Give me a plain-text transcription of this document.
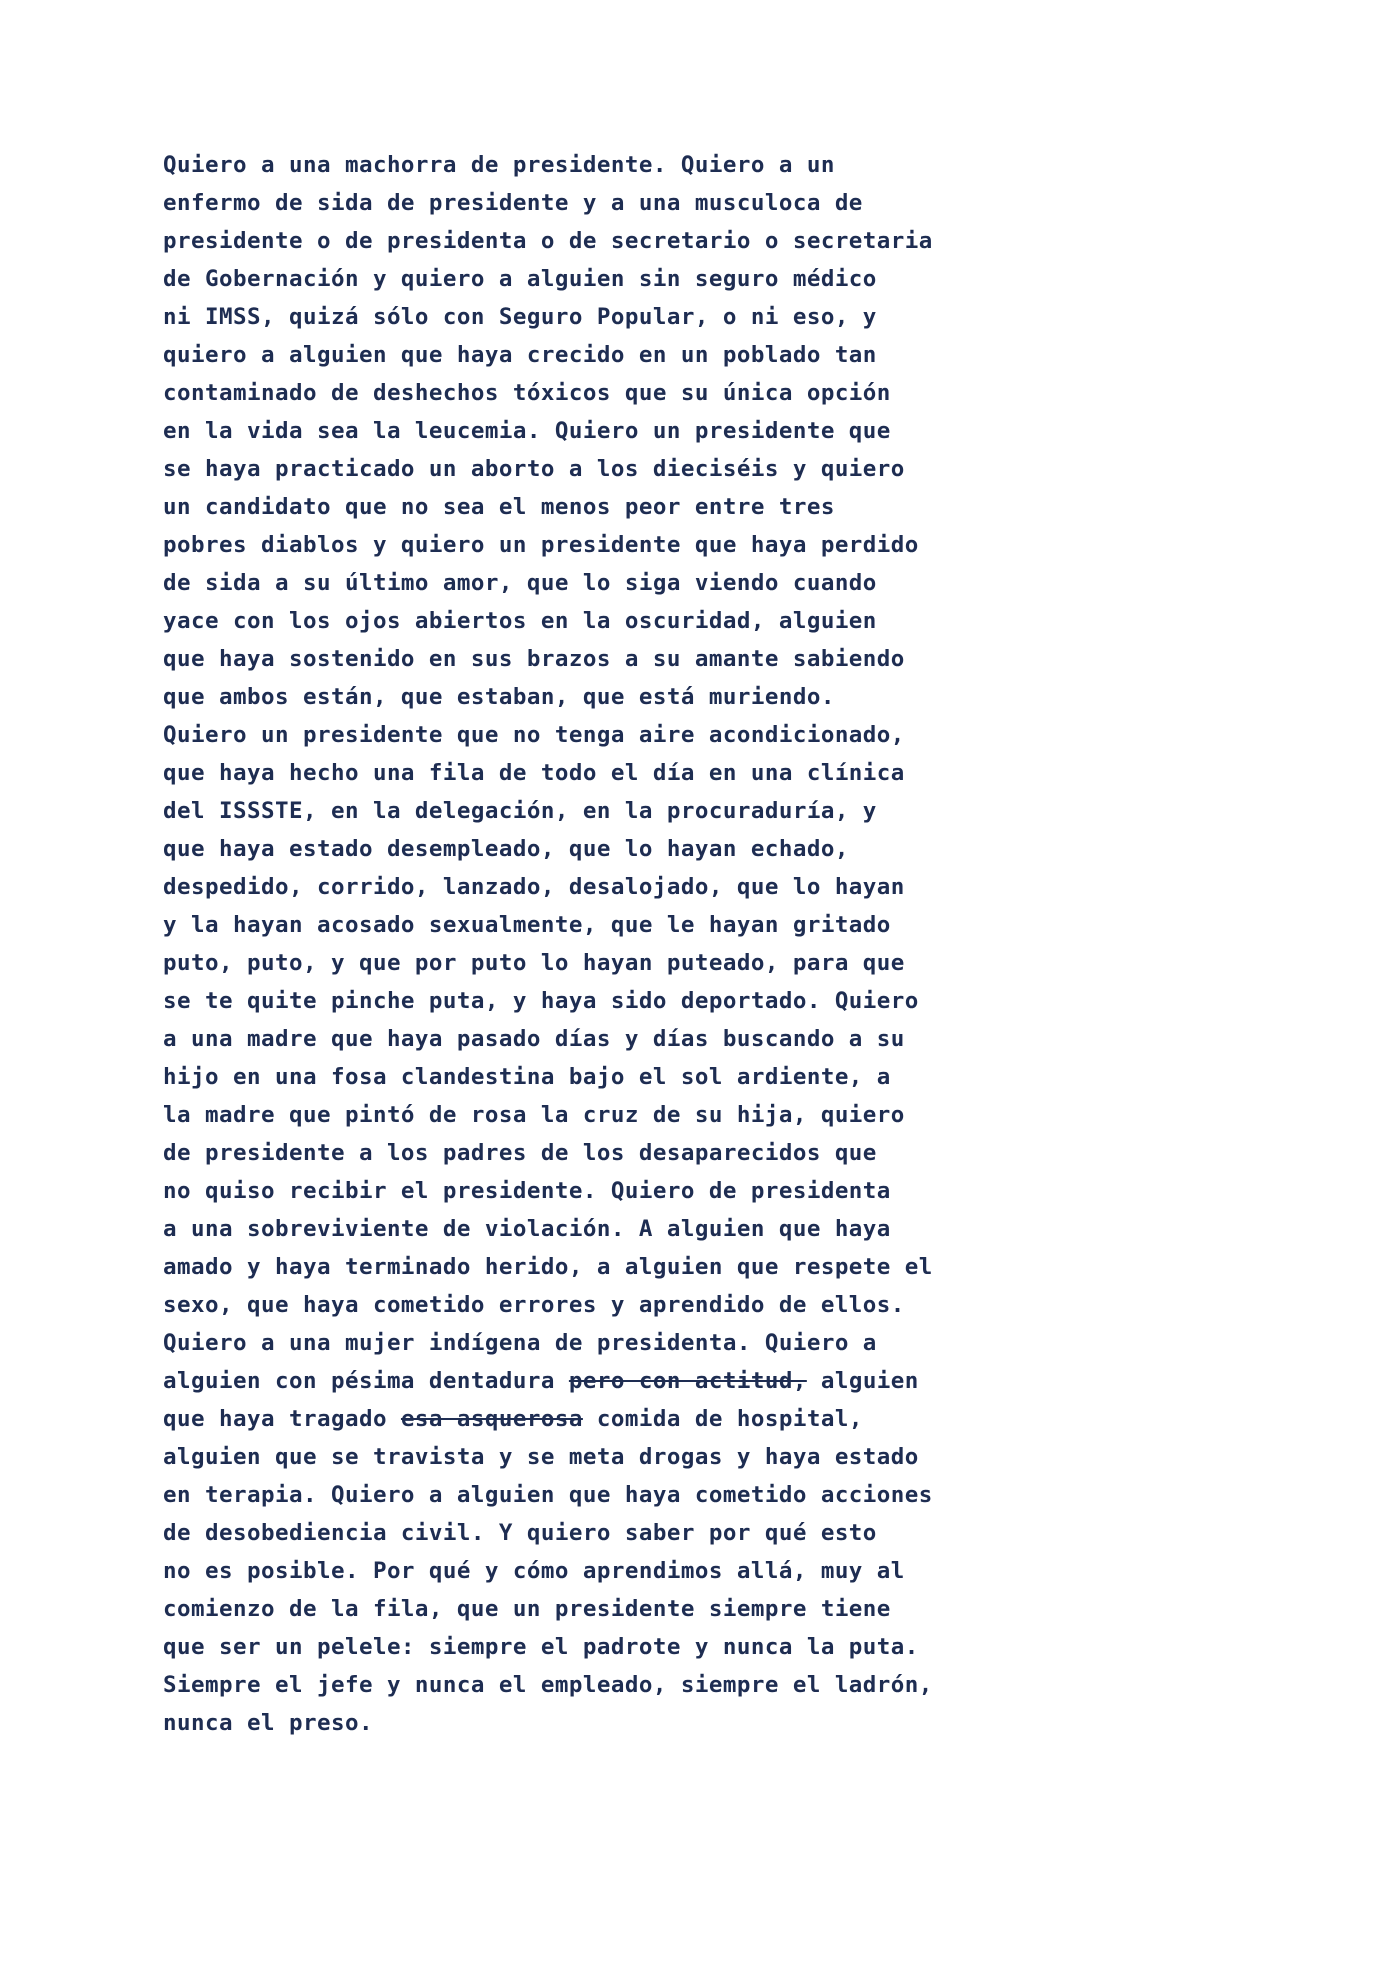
Quiero a una machorra de presidente. Quiero a un
enfermo de sida de presidente y a una musculoca de
presidente o de presidenta o de secretario o secretaria
de Gobernación y quiero a alguien sin seguro médico
ni IMSS, quizá sólo con Seguro Popular, o ni eso, y
quiero a alguien que haya crecido en un poblado tan
contaminado de deshechos tóxicos que su única opción
en la vida sea la leucemia. Quiero un presidente que
se haya practicado un aborto a los dieciséis y quiero
un candidato que no sea el menos peor entre tres
pobres diablos y quiero un presidente que haya perdido
de sida a su último amor, que lo siga viendo cuando
yace con los ojos abiertos en la oscuridad, alguien
que haya sostenido en sus brazos a su amante sabiendo
que ambos están, que estaban, que está muriendo.
Quiero un presidente que no tenga aire acondicionado,
que haya hecho una fila de todo el día en una clínica
del ISSSTE, en la delegación, en la procuraduría, y
que haya estado desempleado, que lo hayan echado,
despedido, corrido, lanzado, desalojado, que lo hayan
y la hayan acosado sexualmente, que le hayan gritado
puto, puto, y que por puto lo hayan puteado, para que
se te quite pinche puta, y haya sido deportado. Quiero
a una madre que haya pasado días y días buscando a su
hijo en una fosa clandestina bajo el sol ardiente, a
la madre que pintó de rosa la cruz de su hija, quiero
de presidente a los padres de los desaparecidos que
no quiso recibir el presidente. Quiero de presidenta
a una sobreviviente de violación. A alguien que haya
amado y haya terminado herido, a alguien que respete el
sexo, que haya cometido errores y aprendido de ellos.
Quiero a una mujer indígena de presidenta. Quiero a
alguien con pésima dentadura pero con actitud, alguien
que haya tragado esa asquerosa comida de hospital,
alguien que se travista y se meta drogas y haya estado
en terapia. Quiero a alguien que haya cometido acciones
de desobediencia civil. Y quiero saber por qué esto
no es posible. Por qué y cómo aprendimos allá, muy al
comienzo de la fila, que un presidente siempre tiene
que ser un pelele: siempre el padrote y nunca la puta.
Siempre el jefe y nunca el empleado, siempre el ladrón,
nunca el preso.
